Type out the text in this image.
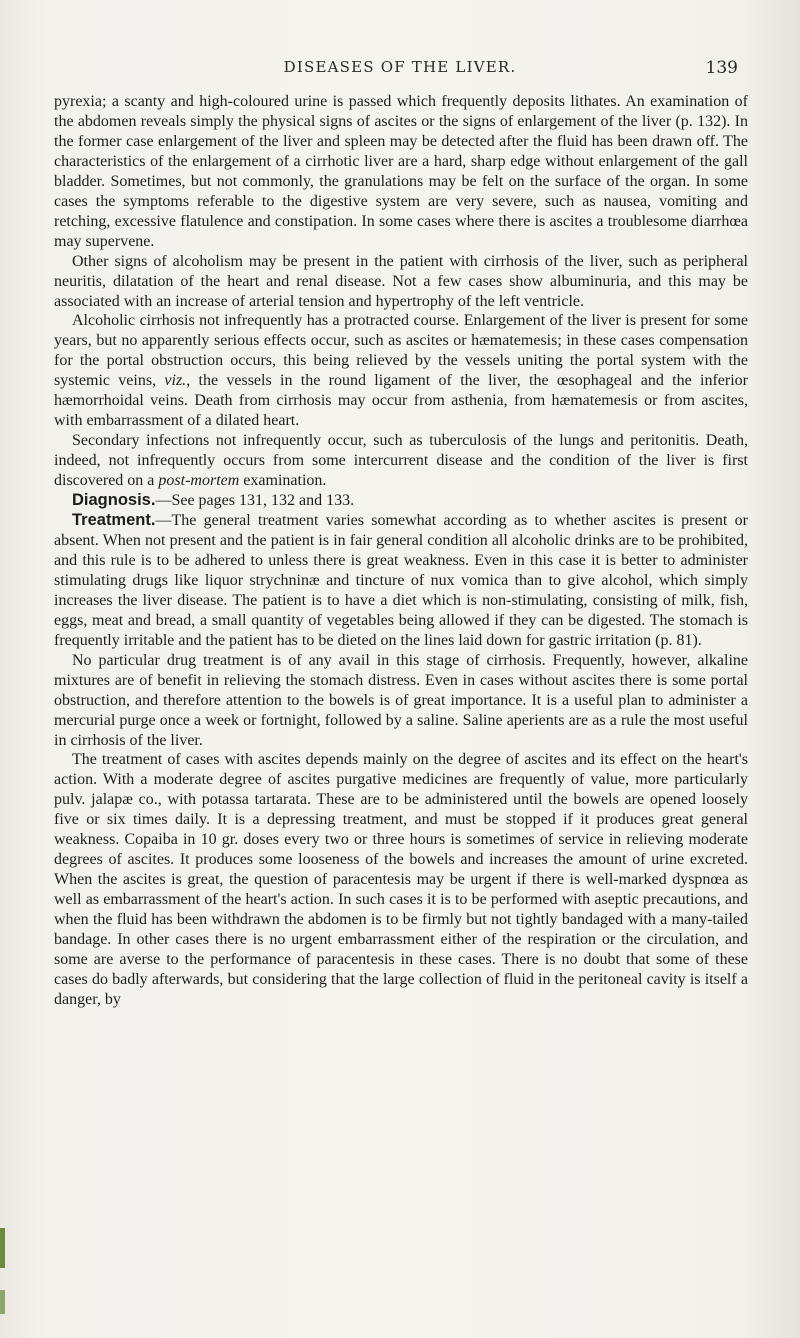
DISEASES OF THE LIVER.	139

pyrexia; a scanty and high-coloured urine is passed which frequently deposits lithates. An examination of the abdomen reveals simply the physical signs of ascites or the signs of enlargement of the liver (p. 132). In the former case enlargement of the liver and spleen may be detected after the fluid has been drawn off. The characteristics of the enlargement of a cirrhotic liver are a hard, sharp edge without enlargement of the gall bladder. Sometimes, but not commonly, the granulations may be felt on the surface of the organ. In some cases the symptoms referable to the digestive system are very severe, such as nausea, vomiting and retching, excessive flatulence and constipation. In some cases where there is ascites a troublesome diarrhœa may supervene.

Other signs of alcoholism may be present in the patient with cirrhosis of the liver, such as peripheral neuritis, dilatation of the heart and renal disease. Not a few cases show albuminuria, and this may be associated with an increase of arterial tension and hypertrophy of the left ventricle.

Alcoholic cirrhosis not infrequently has a protracted course. Enlargement of the liver is present for some years, but no apparently serious effects occur, such as ascites or hæmatemesis; in these cases compensation for the portal obstruction occurs, this being relieved by the vessels uniting the portal system with the systemic veins, viz., the vessels in the round ligament of the liver, the œsophageal and the inferior hæmorrhoidal veins. Death from cirrhosis may occur from asthenia, from hæmatemesis or from ascites, with embarrassment of a dilated heart.

Secondary infections not infrequently occur, such as tuberculosis of the lungs and peritonitis. Death, indeed, not infrequently occurs from some intercurrent disease and the condition of the liver is first discovered on a post-mortem examination.

Diagnosis.—See pages 131, 132 and 133.

Treatment.—The general treatment varies somewhat according as to whether ascites is present or absent. When not present and the patient is in fair general condition all alcoholic drinks are to be prohibited, and this rule is to be adhered to unless there is great weakness. Even in this case it is better to administer stimulating drugs like liquor strychninæ and tincture of nux vomica than to give alcohol, which simply increases the liver disease. The patient is to have a diet which is non-stimulating, consisting of milk, fish, eggs, meat and bread, a small quantity of vegetables being allowed if they can be digested. The stomach is frequently irritable and the patient has to be dieted on the lines laid down for gastric irritation (p. 81).

No particular drug treatment is of any avail in this stage of cirrhosis. Frequently, however, alkaline mixtures are of benefit in relieving the stomach distress. Even in cases without ascites there is some portal obstruction, and therefore attention to the bowels is of great importance. It is a useful plan to administer a mercurial purge once a week or fortnight, followed by a saline. Saline aperients are as a rule the most useful in cirrhosis of the liver.

The treatment of cases with ascites depends mainly on the degree of ascites and its effect on the heart's action. With a moderate degree of ascites purgative medicines are frequently of value, more particularly pulv. jalapæ co., with potassa tartarata. These are to be administered until the bowels are opened loosely five or six times daily. It is a depressing treatment, and must be stopped if it produces great general weakness. Copaiba in 10 gr. doses every two or three hours is sometimes of service in relieving moderate degrees of ascites. It produces some looseness of the bowels and increases the amount of urine excreted. When the ascites is great, the question of paracentesis may be urgent if there is well-marked dyspnœa as well as embarrassment of the heart's action. In such cases it is to be performed with aseptic precautions, and when the fluid has been withdrawn the abdomen is to be firmly but not tightly bandaged with a many-tailed bandage. In other cases there is no urgent embarrassment either of the respiration or the circulation, and some are averse to the performance of paracentesis in these cases. There is no doubt that some of these cases do badly afterwards, but considering that the large collection of fluid in the peritoneal cavity is itself a danger, by
